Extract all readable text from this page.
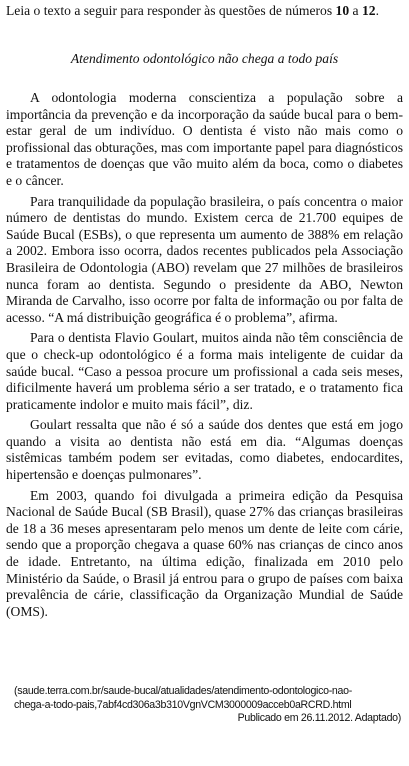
Leia o texto a seguir para responder às questões de números 10 a 12.

Atendimento odontológico não chega a todo país

A odontologia moderna conscientiza a população sobre a importância da prevenção e da incorporação da saúde bucal para o bem-estar geral de um indivíduo. O dentista é visto não mais como o profissional das obturações, mas com importante papel para diagnósticos e tratamentos de doenças que vão muito além da boca, como o diabetes e o câncer.

Para tranquilidade da população brasileira, o país concentra o maior número de dentistas do mundo. Existem cerca de 21.700 equipes de Saúde Bucal (ESBs), o que representa um aumento de 388% em relação a 2002. Embora isso ocorra, dados recentes publicados pela Associação Brasileira de Odontologia (ABO) revelam que 27 milhões de brasileiros nunca foram ao dentista. Segundo o presidente da ABO, Newton Miranda de Carvalho, isso ocorre por falta de informação ou por falta de acesso. “A má distribuição geográfica é o problema”, afirma.

Para o dentista Flavio Goulart, muitos ainda não têm consciência de que o check-up odontológico é a forma mais inteligente de cuidar da saúde bucal. “Caso a pessoa procure um profissional a cada seis meses, dificilmente haverá um problema sério a ser tratado, e o tratamento fica praticamente indolor e muito mais fácil”, diz.

Goulart ressalta que não é só a saúde dos dentes que está em jogo quando a visita ao dentista não está em dia. “Algumas doenças sistêmicas também podem ser evitadas, como diabetes, endocardites, hipertensão e doenças pulmonares”.

Em 2003, quando foi divulgada a primeira edição da Pesquisa Nacional de Saúde Bucal (SB Brasil), quase 27% das crianças brasileiras de 18 a 36 meses apresentaram pelo menos um dente de leite com cárie, sendo que a proporção chegava a quase 60% nas crianças de cinco anos de idade. Entretanto, na última edição, finalizada em 2010 pelo Ministério da Saúde, o Brasil já entrou para o grupo de países com baixa prevalência de cárie, classificação da Organização Mundial de Saúde (OMS).

(saude.terra.com.br/saude-bucal/atualidades/atendimento-odontologico-nao-
chega-a-todo-pais,7abf4cd306a3b310VgnVCM3000009acceb0aRCRD.html
Publicado em 26.11.2012. Adaptado)
